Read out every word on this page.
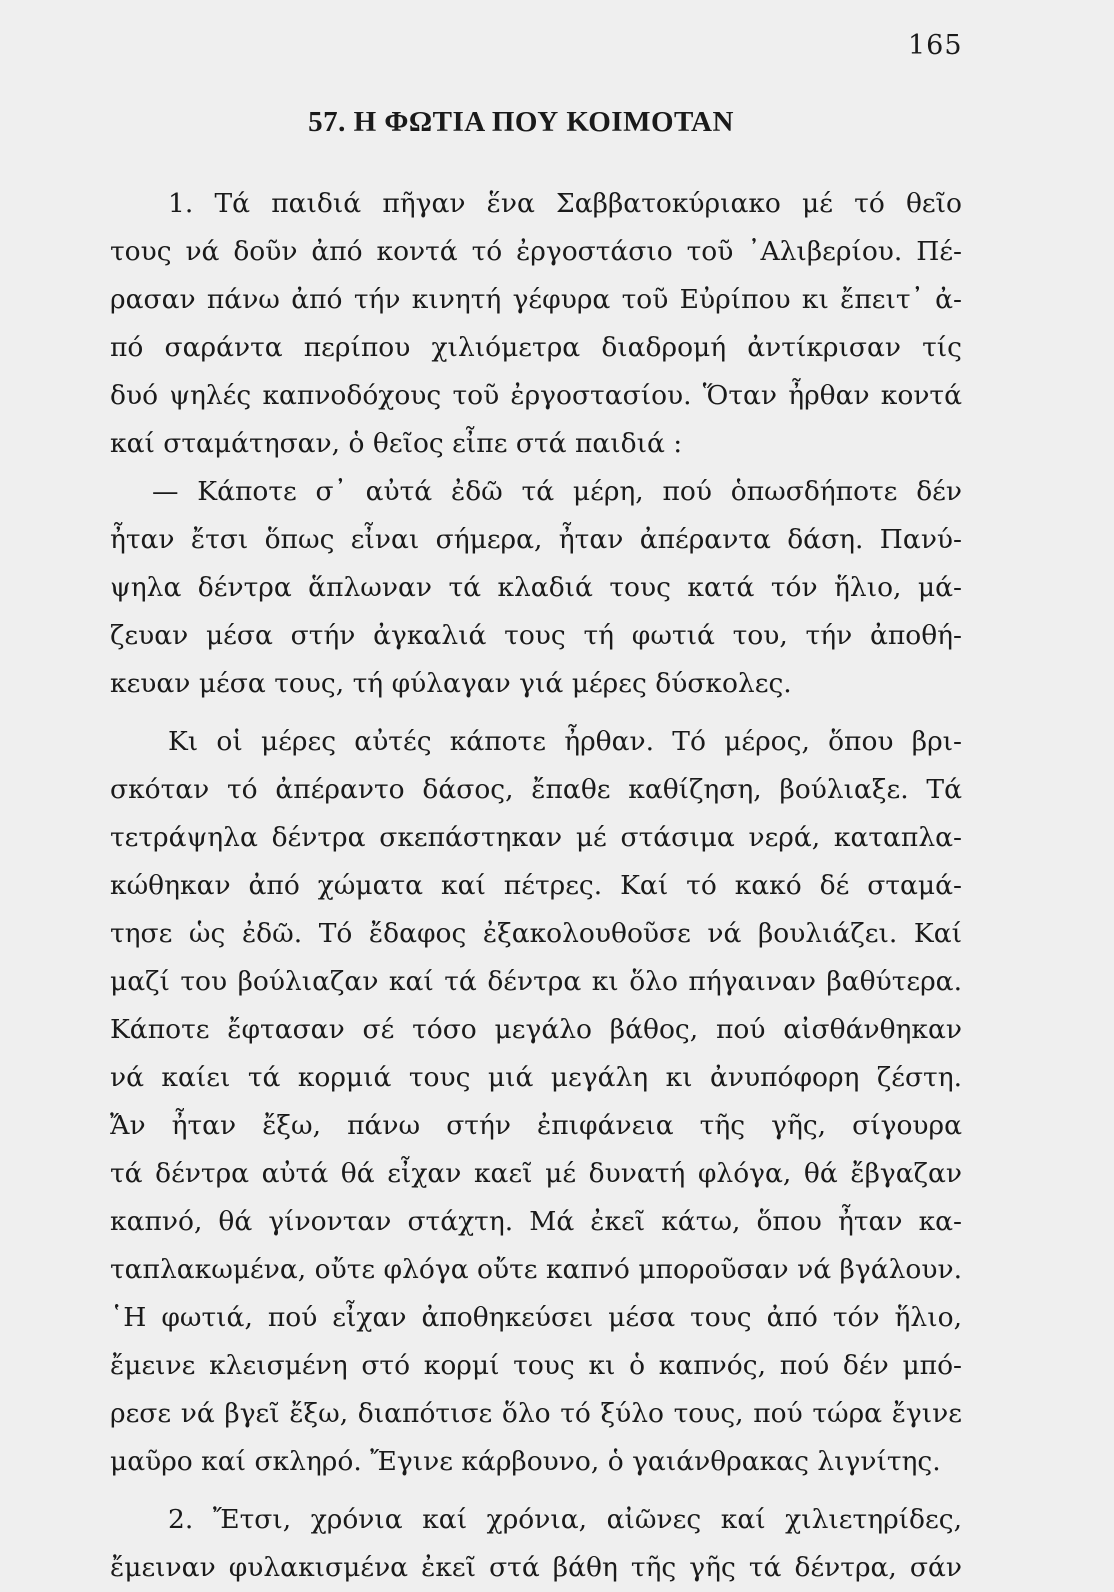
165
57. Η ΦΩΤΙΑ ΠΟΥ ΚΟΙΜΟΤΑΝ
1. Τά παιδιά πῆγαν ἕνα Σαββατοκύριακο μέ τό θεῖο
τους νά δοῦν ἀπό κοντά τό ἐργοστάσιο τοῦ ᾿Αλιβερίου. Πέ-
ρασαν πάνω ἀπό τήν κινητή γέφυρα τοῦ Εὐρίπου κι ἔπειτ᾿ ἀ-
πό σαράντα περίπου χιλιόμετρα διαδρομή ἀντίκρισαν τίς
δυό ψηλές καπνοδόχους τοῦ ἐργοστασίου. Ὅταν ἦρθαν κοντά
καί σταμάτησαν, ὁ θεῖος εἶπε στά παιδιά :
— Κάποτε σ᾿ αὐτά ἐδῶ τά μέρη, πού ὁπωσδήποτε δέν
ἦταν ἔτσι ὅπως εἶναι σήμερα, ἦταν ἀπέραντα δάση. Πανύ-
ψηλα δέντρα ἅπλωναν τά κλαδιά τους κατά τόν ἥλιο, μά-
ζευαν μέσα στήν ἀγκαλιά τους τή φωτιά του, τήν ἀποθή-
κευαν μέσα τους, τή φύλαγαν γιά μέρες δύσκολες.
Κι οἱ μέρες αὐτές κάποτε ἦρθαν. Τό μέρος, ὅπου βρι-
σκόταν τό ἀπέραντο δάσος, ἔπαθε καθίζηση, βούλιαξε. Τά
τετράψηλα δέντρα σκεπάστηκαν μέ στάσιμα νερά, καταπλα-
κώθηκαν ἀπό χώματα καί πέτρες. Καί τό κακό δέ σταμά-
τησε ὡς ἐδῶ. Τό ἔδαφος ἐξακολουθοῦσε νά βουλιάζει. Καί
μαζί του βούλιαζαν καί τά δέντρα κι ὅλο πήγαιναν βαθύτερα.
Κάποτε ἔφτασαν σέ τόσο μεγάλο βάθος, πού αἰσθάνθηκαν
νά καίει τά κορμιά τους μιά μεγάλη κι ἀνυπόφορη ζέστη.
Ἄν ἦταν ἔξω, πάνω στήν ἐπιφάνεια τῆς γῆς, σίγουρα
τά δέντρα αὐτά θά εἶχαν καεῖ μέ δυνατή φλόγα, θά ἔβγαζαν
καπνό, θά γίνονταν στάχτη. Μά ἐκεῖ κάτω, ὅπου ἦταν κα-
ταπλακωμένα, οὔτε φλόγα οὔτε καπνό μποροῦσαν νά βγάλουν.
῾Η φωτιά, πού εἶχαν ἀποθηκεύσει μέσα τους ἀπό τόν ἥλιο,
ἔμεινε κλεισμένη στό κορμί τους κι ὁ καπνός, πού δέν μπό-
ρεσε νά βγεῖ ἔξω, διαπότισε ὅλο τό ξύλο τους, πού τώρα ἔγινε
μαῦρο καί σκληρό. Ἔγινε κάρβουνο, ὁ γαιάνθρακας λιγνίτης.
2. Ἔτσι, χρόνια καί χρόνια, αἰῶνες καί χιλιετηρίδες,
ἔμειναν φυλακισμένα ἐκεῖ στά βάθη τῆς γῆς τά δέντρα, σάν
